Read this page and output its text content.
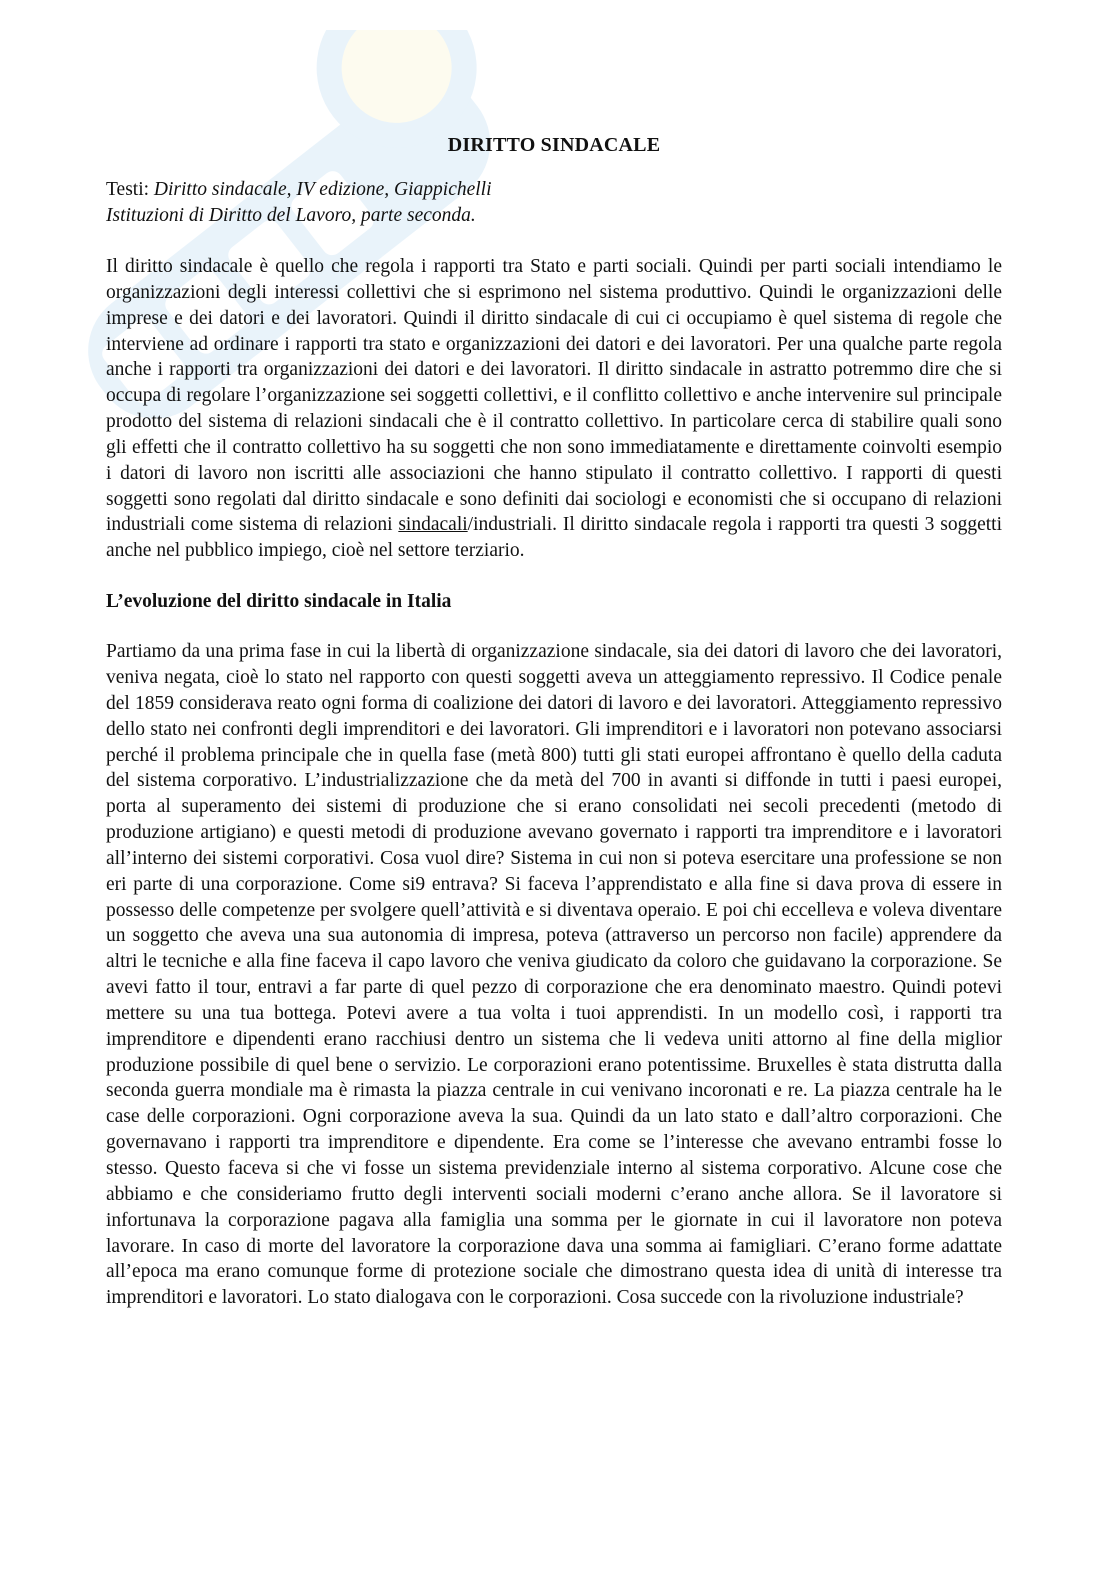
DIRITTO SINDACALE
Testi: Diritto sindacale, IV edizione, Giappichelli
Istituzioni di Diritto del Lavoro, parte seconda.

Il diritto sindacale è quello che regola i rapporti tra Stato e parti sociali. Quindi per parti sociali intendiamo le organizzazioni degli interessi collettivi che si esprimono nel sistema produttivo. Quindi le organizzazioni delle imprese e dei datori e dei lavoratori. Quindi il diritto sindacale di cui ci occupiamo è quel sistema di regole che interviene ad ordinare i rapporti tra stato e organizzazioni dei datori e dei lavoratori. Per una qualche parte regola anche i rapporti tra organizzazioni dei datori e dei lavoratori. Il diritto sindacale in astratto potremmo dire che si occupa di regolare l’organizzazione sei soggetti collettivi, e il conflitto collettivo e anche intervenire sul principale prodotto del sistema di relazioni sindacali che è il contratto collettivo. In particolare cerca di stabilire quali sono gli effetti che il contratto collettivo ha su soggetti che non sono immediatamente e direttamente coinvolti esempio i datori di lavoro non iscritti alle associazioni che hanno stipulato il contratto collettivo. I rapporti di questi soggetti sono regolati dal diritto sindacale e sono definiti dai sociologi e economisti che si occupano di relazioni industriali come sistema di relazioni sindacali/industriali. Il diritto sindacale regola i rapporti tra questi 3 soggetti anche nel pubblico impiego, cioè nel settore terziario.

L’evoluzione del diritto sindacale in Italia

Partiamo da una prima fase in cui la libertà di organizzazione sindacale, sia dei datori di lavoro che dei lavoratori, veniva negata, cioè lo stato nel rapporto con questi soggetti aveva un atteggiamento repressivo. Il Codice penale del 1859 considerava reato ogni forma di coalizione dei datori di lavoro e dei lavoratori. Atteggiamento repressivo dello stato nei confronti degli imprenditori e dei lavoratori. Gli imprenditori e i lavoratori non potevano associarsi perché il problema principale che in quella fase (metà 800) tutti gli stati europei affrontano è quello della caduta del sistema corporativo. L’industrializzazione che da metà del 700 in avanti si diffonde in tutti i paesi europei, porta al superamento dei sistemi di produzione che si erano consolidati nei secoli precedenti (metodo di produzione artigiano) e questi metodi di produzione avevano governato i rapporti tra imprenditore e i lavoratori all’interno dei sistemi corporativi. Cosa vuol dire? Sistema in cui non si poteva esercitare una professione se non eri parte di una corporazione. Come si9 entrava? Si faceva l’apprendistato e alla fine si dava prova di essere in possesso delle competenze per svolgere quell’attività e si diventava operaio. E poi chi eccelleva e voleva diventare un soggetto che aveva una sua autonomia di impresa, poteva (attraverso un percorso non facile) apprendere da altri le tecniche e alla fine faceva il capo lavoro che veniva giudicato da coloro che guidavano la corporazione. Se avevi fatto il tour, entravi a far parte di quel pezzo di corporazione che era denominato maestro. Quindi potevi mettere su una tua bottega. Potevi avere a tua volta i tuoi apprendisti. In un modello così, i rapporti tra imprenditore e dipendenti erano racchiusi dentro un sistema che li vedeva uniti attorno al fine della miglior produzione possibile di quel bene o servizio. Le corporazioni erano potentissime. Bruxelles è stata distrutta dalla seconda guerra mondiale ma è rimasta la piazza centrale in cui venivano incoronati e re. La piazza centrale ha le case delle corporazioni. Ogni corporazione aveva la sua. Quindi da un lato stato e dall’altro corporazioni. Che governavano i rapporti tra imprenditore e dipendente. Era come se l’interesse che avevano entrambi fosse lo stesso. Questo faceva si che vi fosse un sistema previdenziale interno al sistema corporativo. Alcune cose che abbiamo e che consideriamo frutto degli interventi sociali moderni c’erano anche allora. Se il lavoratore si infortunava la corporazione pagava alla famiglia una somma per le giornate in cui il lavoratore non poteva lavorare. In caso di morte del lavoratore la corporazione dava una somma ai famigliari. C’erano forme adattate all’epoca ma erano comunque forme di protezione sociale che dimostrano questa idea di unità di interesse tra imprenditori e lavoratori. Lo stato dialogava con le corporazioni. Cosa succede con la rivoluzione industriale?
